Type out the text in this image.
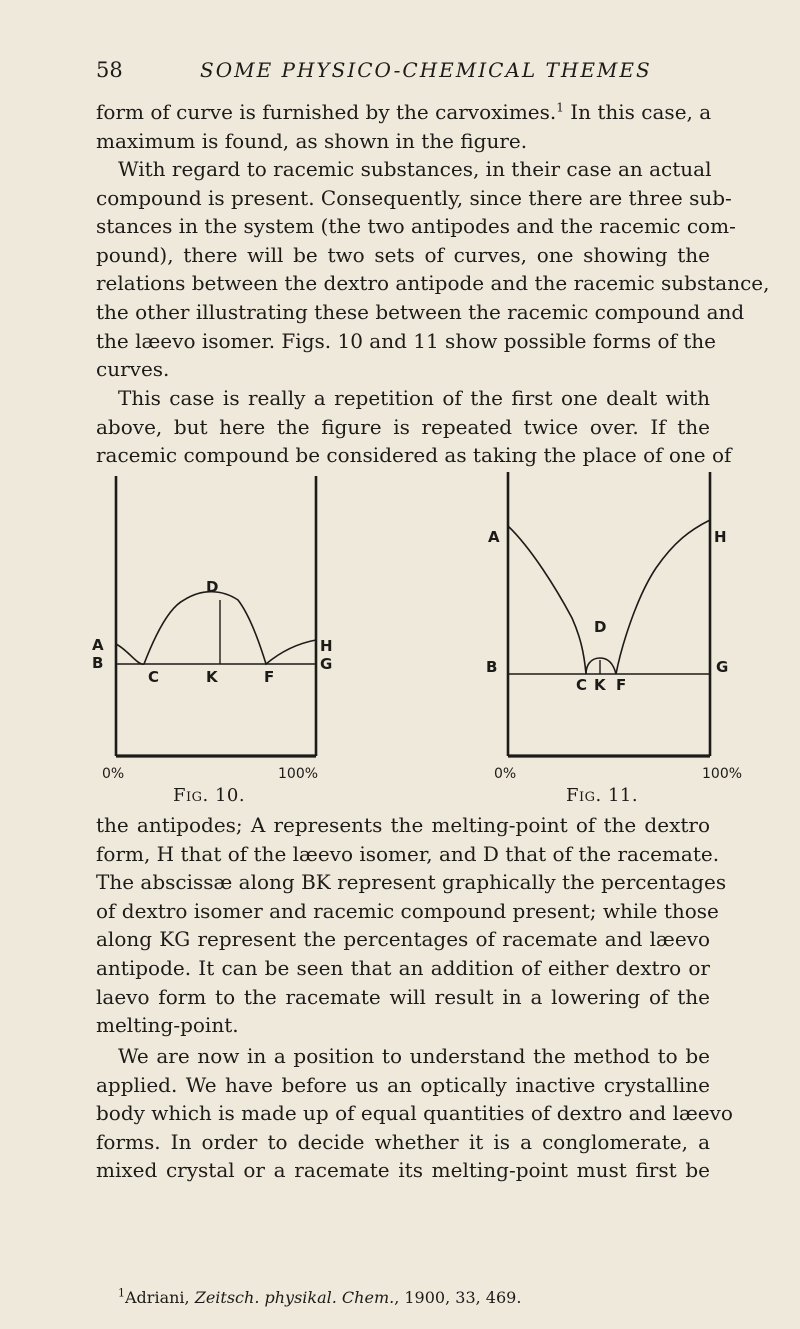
58	SOME PHYSICO-CHEMICAL THEMES
form of curve is furnished by the carvoximes.$^1$ In this case, a
maximum is found, as shown in the figure.
With regard to racemic substances, in their case an actual
compound is present. Consequently, since there are three sub-
stances in the system (the two antipodes and the racemic com-
pound), there will be two sets of curves, one showing the
relations between the dextro antipode and the racemic substance,
the other illustrating these between the racemic compound and
the læevo isomer. Figs. 10 and 11 show possible forms of the
curves.
This case is really a repetition of the first one dealt with
above, but here the figure is repeated twice over. If the
racemic compound be considered as taking the place of one of
A
B
D
C	K	F
H
G
0%	100%
Fig. 10.
A
B
D
C K F
H
G
0%	100%
Fig. 11.
the antipodes; A represents the melting-point of the dextro
form, H that of the læevo isomer, and D that of the racemate.
The abscissæ along BK represent graphically the percentages
of dextro isomer and racemic compound present; while those
along KG represent the percentages of racemate and læevo
antipode. It can be seen that an addition of either dextro or
laevo form to the racemate will result in a lowering of the
melting-point.
We are now in a position to understand the method to be
applied. We have before us an optically inactive crystalline
body which is made up of equal quantities of dextro and læevo
forms. In order to decide whether it is a conglomerate, a
mixed crystal or a racemate its melting-point must first be
$^1$Adriani, Zeitsch. physikal. Chem., 1900, 33, 469.
